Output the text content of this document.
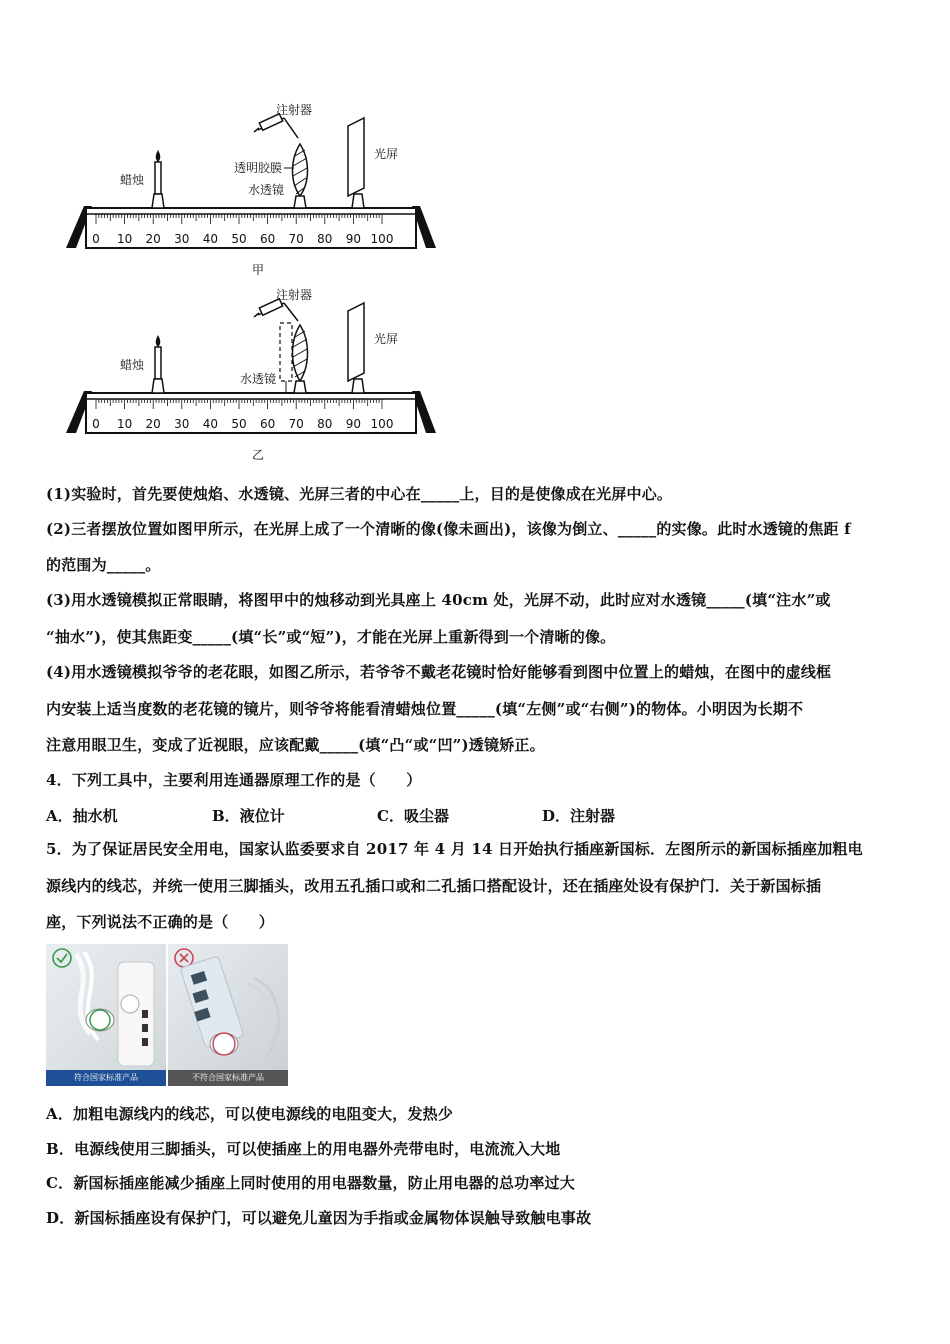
0 10 20 30 40 50 60 70 80 90 100
注射器
透明胶膜
水透镜
蜡烛
光屏
甲
0 10 20 30 40 50 60 70 80 90 100
注射器
水透镜
蜡烛
光屏
乙
(1)实验时，首先要使烛焰、水透镜、光屏三者的中心在_____上，目的是使像成在光屏中心。
(2)三者摆放位置如图甲所示，在光屏上成了一个清晰的像(像未画出)，该像为倒立、_____的实像。此时水透镜的焦距 f
的范围为_____。
(3)用水透镜模拟正常眼睛，将图甲中的烛移动到光具座上 40cm 处，光屏不动，此时应对水透镜_____(填“注水”或
“抽水”)，使其焦距变_____(填“长”或“短”)，才能在光屏上重新得到一个清晰的像。
(4)用水透镜模拟爷爷的老花眼，如图乙所示，若爷爷不戴老花镜时恰好能够看到图中位置上的蜡烛，在图中的虚线框
内安装上适当度数的老花镜的镜片，则爷爷将能看清蜡烛位置_____(填“左侧”或“右侧”)的物体。小明因为长期不
注意用眼卫生，变成了近视眼，应该配戴_____(填“凸“或“凹”)透镜矫正。
4．下列工具中，主要利用连通器原理工作的是（　　）
A．抽水机	B．液位计	C．吸尘器	D．注射器
5．为了保证居民安全用电，国家认监委要求自 2017 年 4 月 14 日开始执行插座新国标．左图所示的新国标插座加粗电
源线内的线芯，并统一使用三脚插头，改用五孔插口或和二孔插口搭配设计，还在插座处设有保护门．关于新国标插
座，下列说法不正确的是（　　）
符合国家标准产品	不符合国家标准产品
A．加粗电源线内的线芯，可以使电源线的电阻变大，发热少
B．电源线使用三脚插头，可以使插座上的用电器外壳带电时，电流流入大地
C．新国标插座能减少插座上同时使用的用电器数量，防止用电器的总功率过大
D．新国标插座设有保护门，可以避免儿童因为手指或金属物体误触导致触电事故
